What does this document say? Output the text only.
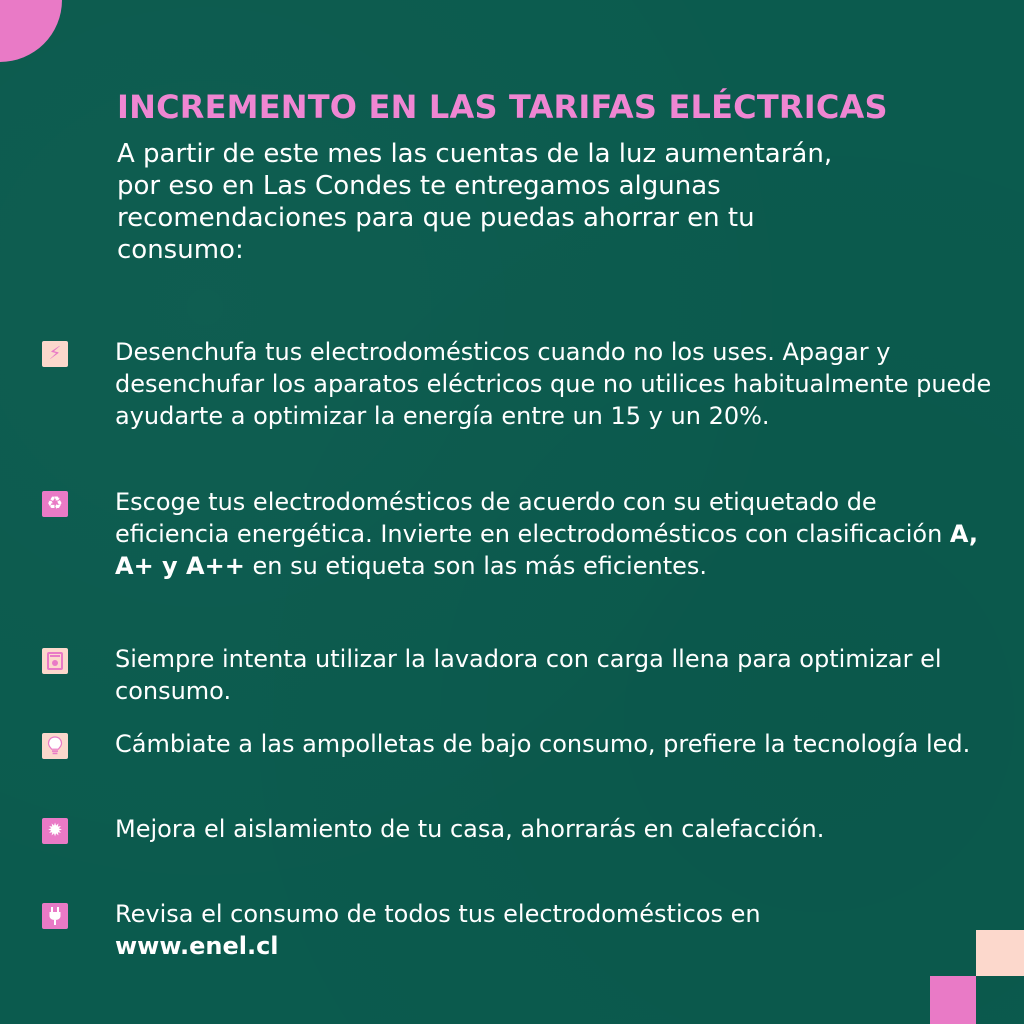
INCREMENTO EN LAS TARIFAS ELÉCTRICAS
A partir de este mes las cuentas de la luz aumentarán,
por eso en Las Condes te entregamos algunas
recomendaciones para que puedas ahorrar en tu
consumo:
⚡︎ Desenchufa tus electrodomésticos cuando no los uses. Apagar y desenchufar los aparatos eléctricos que no utilices habitualmente puede ayudarte a optimizar la energía entre un 15 y un 20%.
♻︎ Escoge tus electrodomésticos de acuerdo con su etiquetado de eficiencia energética. Invierte en electrodomésticos con clasificación A, A+ y A++ en su etiqueta son las más eficientes.
Siempre intenta utilizar la lavadora con carga llena para optimizar el consumo.
Cámbiate a las ampolletas de bajo consumo, prefiere la tecnología led.
✹ Mejora el aislamiento de tu casa, ahorrarás en calefacción.
Revisa el consumo de todos tus electrodomésticos en
www.enel.cl
